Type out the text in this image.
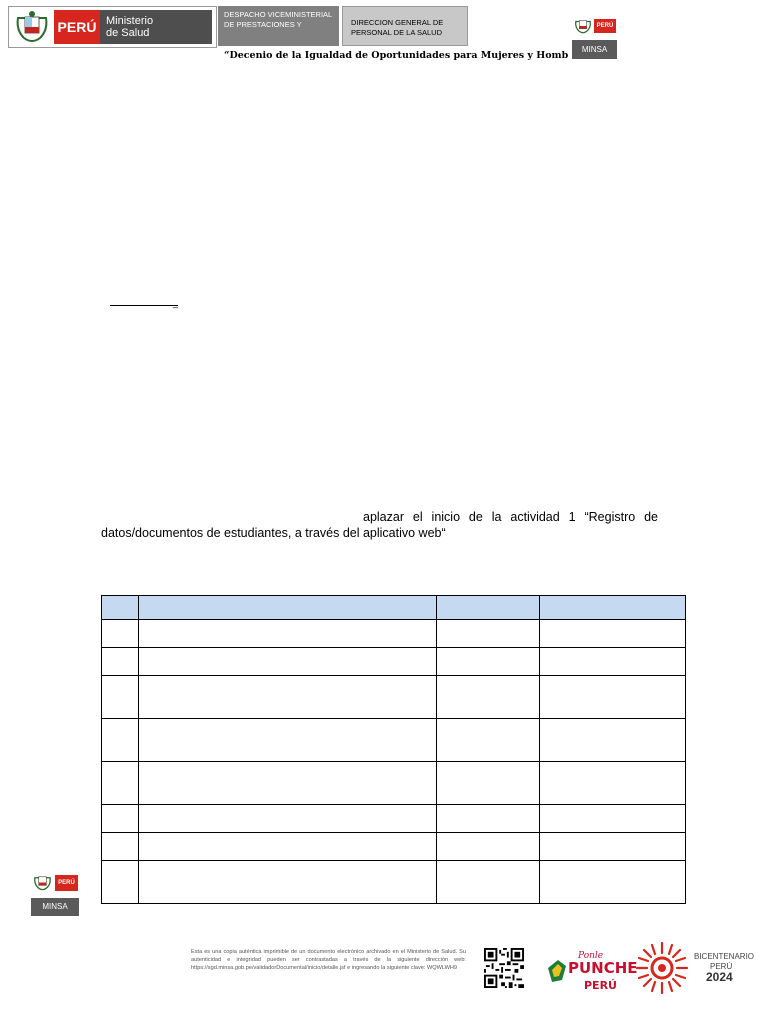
PERÚ Ministerio
de Salud
DESPACHO VICEMINISTERIAL DE PRESTACIONES Y	DIRECCION GENERAL DE PERSONAL DE LA SALUD
PERÚ
MINSA
“Decenio de la Igualdad de Oportunidades para Mujeres y Homb
_
aplazar el inicio de la actividad 1 “Registro de
datos/documentos de estudiantes, a través del aplicativo web“

PERÚ
MINSA
Esta es una copia auténtica imprimible de un documento electrónico archivado en el Ministerio de Salud. Su autenticidad e integridad pueden ser contrastadas a través de la siguiente dirección web: https://sgd.minsa.gob.pe/validadorDocumental/inicio/detalle.jsf e ingresando la siguiente clave: WQWLWH9
Ponle
PUNCHE
PERÚ
BICENTENARIO
PERÚ
2024
